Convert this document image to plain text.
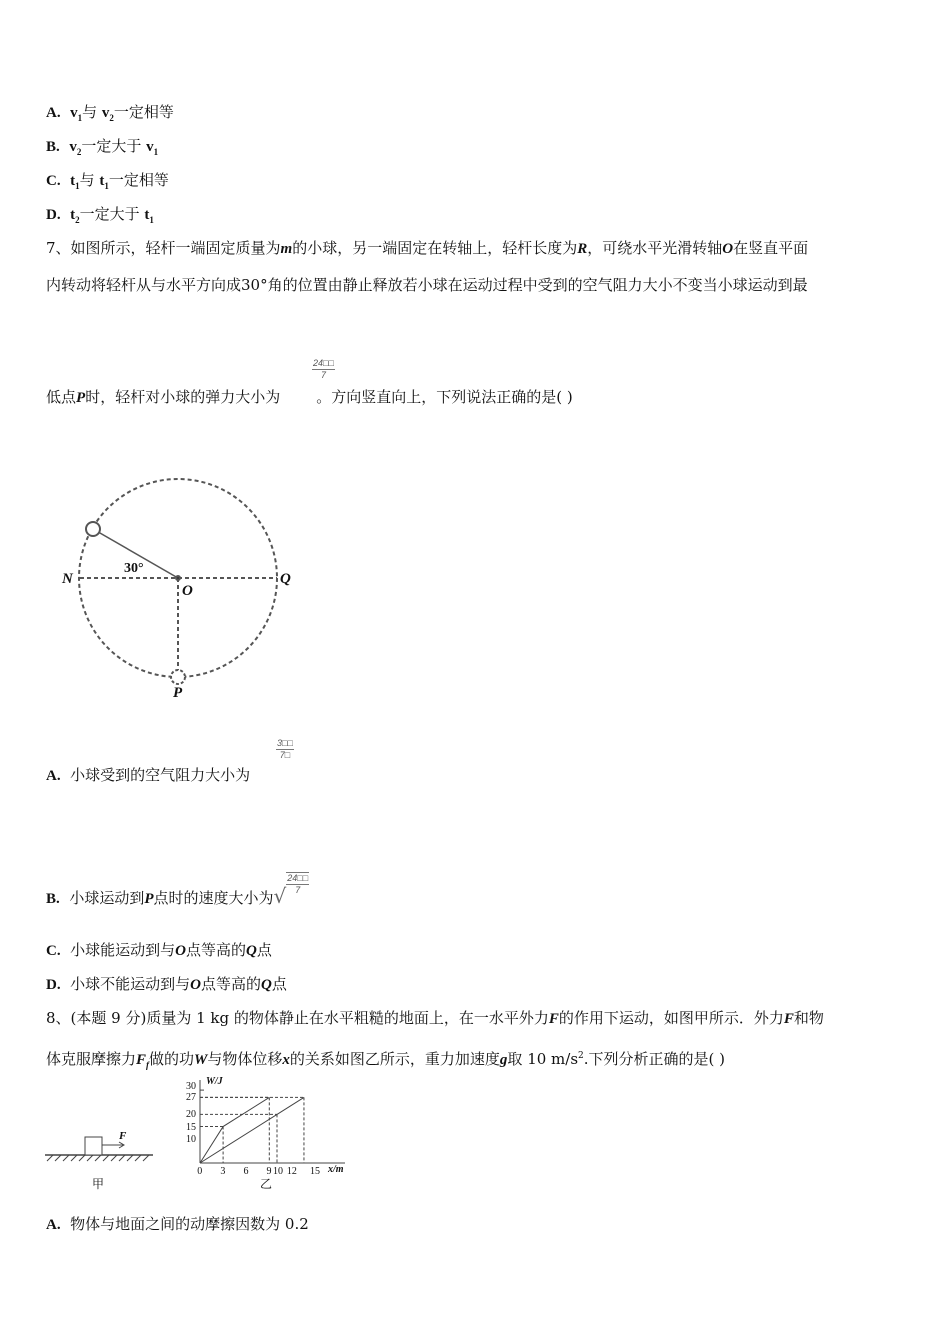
A. $v_1$与 $v_2$一定相等
B. $v_2$一定大于 $v_1$
C. $t_1$与 $t_1$一定相等
D. $t_2$一定大于 $t_1$
7、如图所示，轻杆一端固定质量为m的小球，另一端固定在转轴上，轻杆长度为R，可绕水平光滑转轴O在竖直平面
内转动将轻杆从与水平方向成30°角的位置由静止释放若小球在运动过程中受到的空气阻力大小不变当小球运动到最
$\frac{24□□}{7}$
低点P时，轻杆对小球的弹力大小为 。方向竖直向上，下列说法正确的是( )
N	Q
O
P
30°
$\frac{3□□}{7□}$
A. 小球受到的空气阻力大小为
B. 小球运动到P点时的速度大小为√ $\frac{24□□}{7}$
C. 小球能运动到与O点等高的Q点
D. 小球不能运动到与O点等高的Q点
8、(本题 9 分)质量为 1 kg 的物体静止在水平粗糙的地面上，在一水平外力F的作用下运动，如图甲所示．外力F和物
体克服摩擦力$F_f$做的功W与物体位移x的关系如图乙所示，重力加速度g取 10 $m/s^2$.下列分析正确的是( )
F
甲	乙
W/J
x/m
0 3 6 9 10 12 15
10
15
20
27
30
A. 物体与地面之间的动摩擦因数为 0.2
